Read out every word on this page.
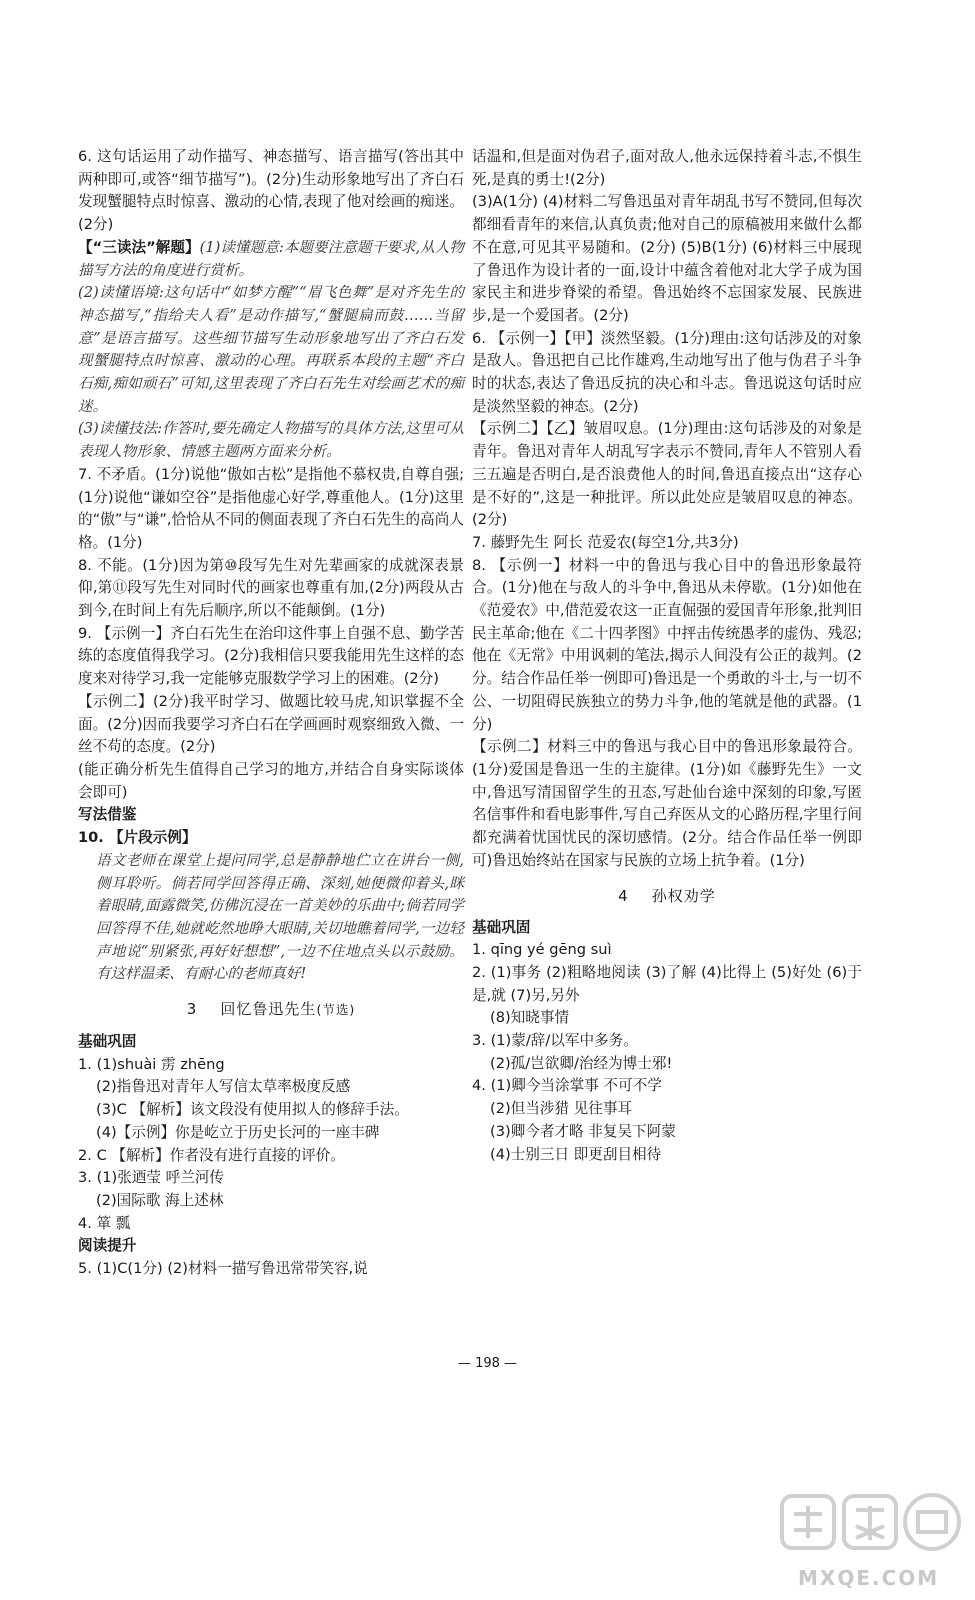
6. 这句话运用了动作描写、神态描写、语言描写(答出其中两种即可,或答“细节描写”)。(2分)生动形象地写出了齐白石发现蟹腿特点时惊喜、激动的心情,表现了他对绘画的痴迷。(2分)

【“三读法”解题】(1)读懂题意:本题要注意题干要求,从人物描写方法的角度进行赏析。

(2)读懂语境:这句话中“如梦方醒”“眉飞色舞”是对齐先生的神态描写,“指给夫人看”是动作描写,“蟹腿扁而鼓……当留意”是语言描写。这些细节描写生动形象地写出了齐白石发现蟹腿特点时惊喜、激动的心理。再联系本段的主题“齐白石痴,痴如顽石”可知,这里表现了齐白石先生对绘画艺术的痴迷。

(3)读懂技法:作答时,要先确定人物描写的具体方法,这里可从表现人物形象、情感主题两方面来分析。

7. 不矛盾。(1分)说他“傲如古松”是指他不慕权贵,自尊自强;(1分)说他“谦如空谷”是指他虚心好学,尊重他人。(1分)这里的“傲”与“谦”,恰恰从不同的侧面表现了齐白石先生的高尚人格。(1分)

8. 不能。(1分)因为第⑩段写先生对先辈画家的成就深表景仰,第⑪段写先生对同时代的画家也尊重有加,(2分)两段从古到今,在时间上有先后顺序,所以不能颠倒。(1分)

9. 【示例一】齐白石先生在治印这件事上自强不息、勤学苦练的态度值得我学习。(2分)我相信只要我能用先生这样的态度来对待学习,我一定能够克服数学学习上的困难。(2分)

【示例二】(2分)我平时学习、做题比较马虎,知识掌握不全面。(2分)因而我要学习齐白石在学画画时观察细致入微、一丝不苟的态度。(2分)

(能正确分析先生值得自己学习的地方,并结合自身实际谈体会即可)

写法借鉴

10. 【片段示例】

语文老师在课堂上提问同学,总是静静地伫立在讲台一侧,侧耳聆听。倘若同学回答得正确、深刻,她便微仰着头,眯着眼睛,面露微笑,仿佛沉浸在一首美妙的乐曲中;倘若同学回答得不佳,她就屹然地睁大眼睛,关切地瞧着同学,一边轻声地说“别紧张,再好好想想”,一边不住地点头以示鼓励。有这样温柔、有耐心的老师真好!

3 回忆鲁迅先生(节选)

基础巩固

1. (1)shuài 雳 zhēng

(2)指鲁迅对青年人写信太草率极度反感

(3)C 【解析】该文段没有使用拟人的修辞手法。

(4)【示例】你是屹立于历史长河的一座丰碑

2. C 【解析】作者没有进行直接的评价。

3. (1)张迺莹 呼兰河传

(2)国际歌 海上述林

4. 箪 瓢

阅读提升

5. (1)C(1分) (2)材料一描写鲁迅常带笑容,说

话温和,但是面对伪君子,面对敌人,他永远保持着斗志,不惧生死,是真的勇士!(2分)

(3)A(1分) (4)材料二写鲁迅虽对青年胡乱书写不赞同,但每次都细看青年的来信,认真负责;他对自己的原稿被用来做什么都不在意,可见其平易随和。(2分) (5)B(1分) (6)材料三中展现了鲁迅作为设计者的一面,设计中蕴含着他对北大学子成为国家民主和进步脊梁的希望。鲁迅始终不忘国家发展、民族进步,是一个爱国者。(2分)

6. 【示例一】【甲】淡然坚毅。(1分)理由:这句话涉及的对象是敌人。鲁迅把自己比作雄鸡,生动地写出了他与伪君子斗争时的状态,表达了鲁迅反抗的决心和斗志。鲁迅说这句话时应是淡然坚毅的神态。(2分)

【示例二】【乙】皱眉叹息。(1分)理由:这句话涉及的对象是青年。鲁迅对青年人胡乱写字表示不赞同,青年人不管别人看三五遍是否明白,是否浪费他人的时间,鲁迅直接点出“这存心是不好的”,这是一种批评。所以此处应是皱眉叹息的神态。(2分)

7. 藤野先生 阿长 范爱农(每空1分,共3分)

8. 【示例一】材料一中的鲁迅与我心目中的鲁迅形象最符合。(1分)他在与敌人的斗争中,鲁迅从未停歇。(1分)如他在《范爱农》中,借范爱农这一正直倔强的爱国青年形象,批判旧民主革命;他在《二十四孝图》中抨击传统愚孝的虚伪、残忍;他在《无常》中用讽刺的笔法,揭示人间没有公正的裁判。(2分。结合作品任举一例即可)鲁迅是一个勇敢的斗士,与一切不公、一切阻碍民族独立的势力斗争,他的笔就是他的武器。(1分)

【示例二】材料三中的鲁迅与我心目中的鲁迅形象最符合。(1分)爱国是鲁迅一生的主旋律。(1分)如《藤野先生》一文中,鲁迅写清国留学生的丑态,写赴仙台途中深刻的印象,写匿名信事件和看电影事件,写自己弃医从文的心路历程,字里行间都充满着忧国忧民的深切感情。(2分。结合作品任举一例即可)鲁迅始终站在国家与民族的立场上抗争着。(1分)

4 孙权劝学

基础巩固

1. qīng yé gēng suì

2. (1)事务 (2)粗略地阅读 (3)了解 (4)比得上 (5)好处 (6)于是,就 (7)另,另外

(8)知晓事情

3. (1)蒙/辞/以军中多务。

(2)孤/岂欲卿/治经为博士邪!

4. (1)卿今当涂掌事 不可不学

(2)但当涉猎 见往事耳

(3)卿今者才略 非复吴下阿蒙

(4)士别三日 即更刮目相待

— 198 —
MXQE.COM
